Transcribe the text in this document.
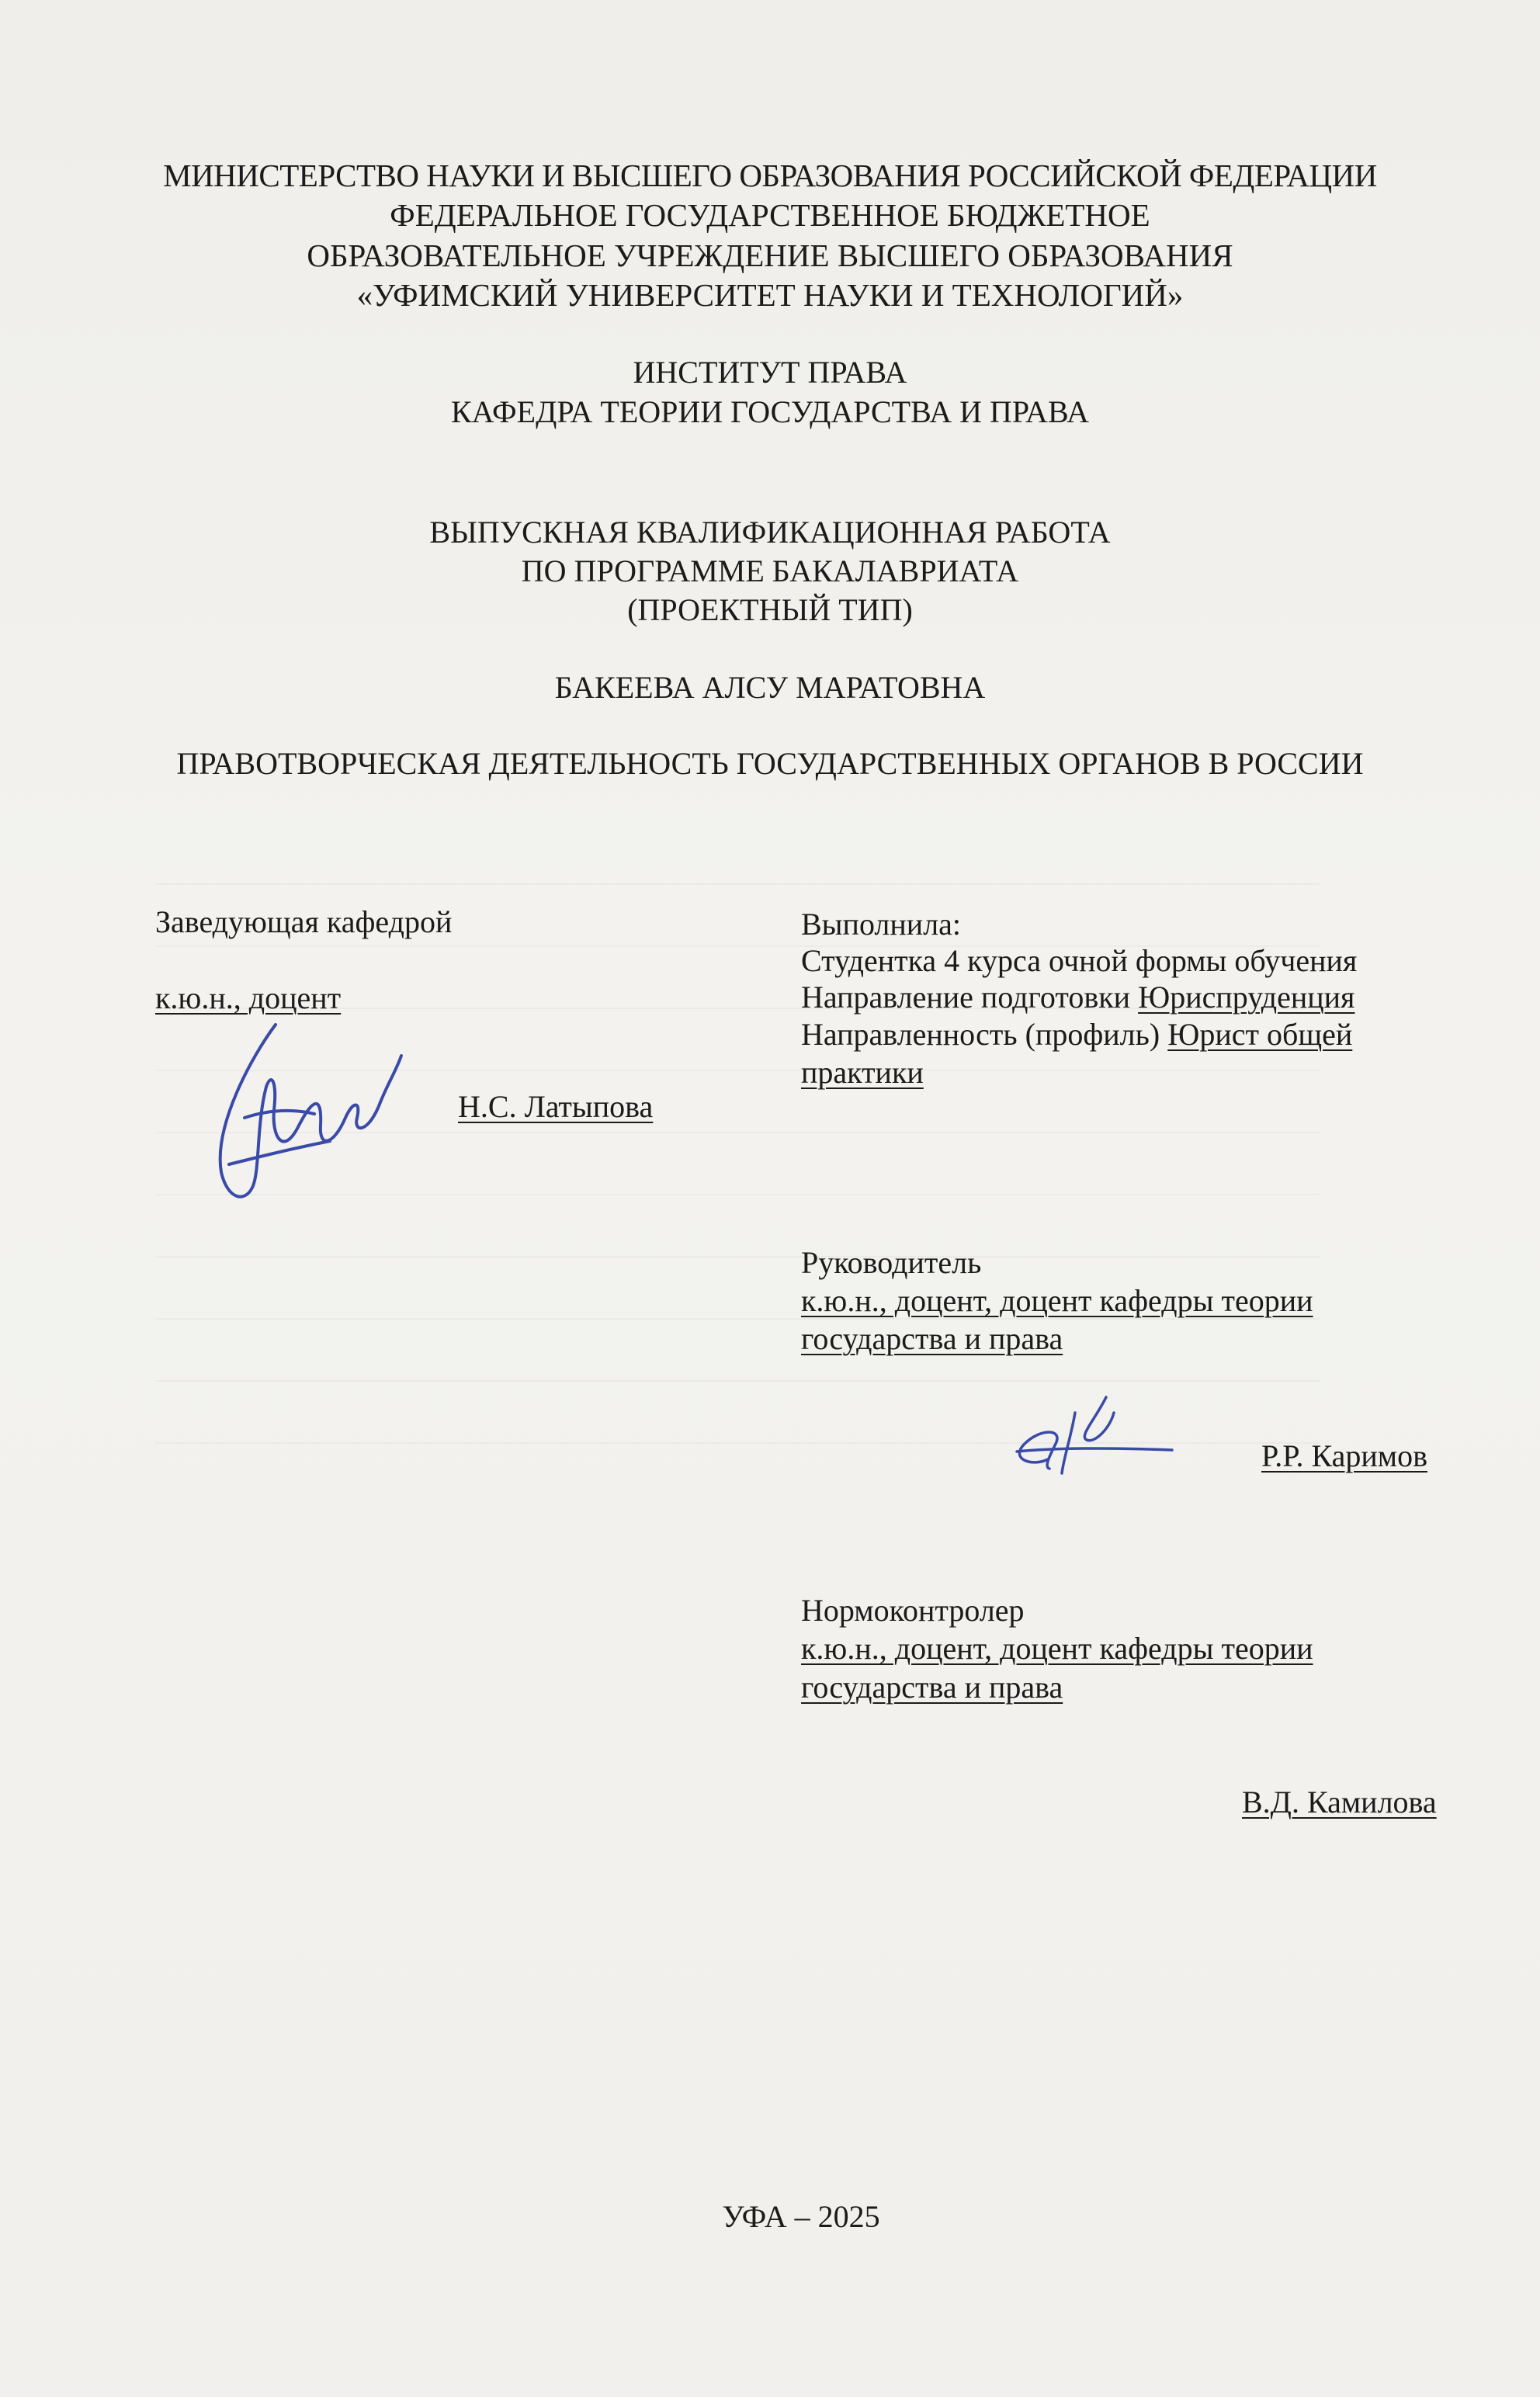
МИНИСТЕРСТВО НАУКИ И ВЫСШЕГО ОБРАЗОВАНИЯ РОССИЙСКОЙ ФЕДЕРАЦИИ
ФЕДЕРАЛЬНОЕ ГОСУДАРСТВЕННОЕ БЮДЖЕТНОЕ
ОБРАЗОВАТЕЛЬНОЕ УЧРЕЖДЕНИЕ ВЫСШЕГО ОБРАЗОВАНИЯ
«УФИМСКИЙ УНИВЕРСИТЕТ НАУКИ И ТЕХНОЛОГИЙ»
ИНСТИТУТ ПРАВА
КАФЕДРА ТЕОРИИ ГОСУДАРСТВА И ПРАВА
ВЫПУСКНАЯ КВАЛИФИКАЦИОННАЯ РАБОТА
ПО ПРОГРАММЕ БАКАЛАВРИАТА
(ПРОЕКТНЫЙ ТИП)
БАКЕЕВА АЛСУ МАРАТОВНА
ПРАВОТВОРЧЕСКАЯ ДЕЯТЕЛЬНОСТЬ ГОСУДАРСТВЕННЫХ ОРГАНОВ В РОССИИ
Заведующая кафедрой
к.ю.н., доцент
Н.С. Латыпова
Выполнила:
Студентка 4 курса очной формы обучения
Направление подготовки Юриспруденция
Направленность (профиль) Юрист общей
практики
Руководитель
к.ю.н., доцент, доцент кафедры теории
государства и права
Р.Р. Каримов
Нормоконтролер
к.ю.н., доцент, доцент кафедры теории
государства и права
В.Д. Камилова
УФА – 2025
